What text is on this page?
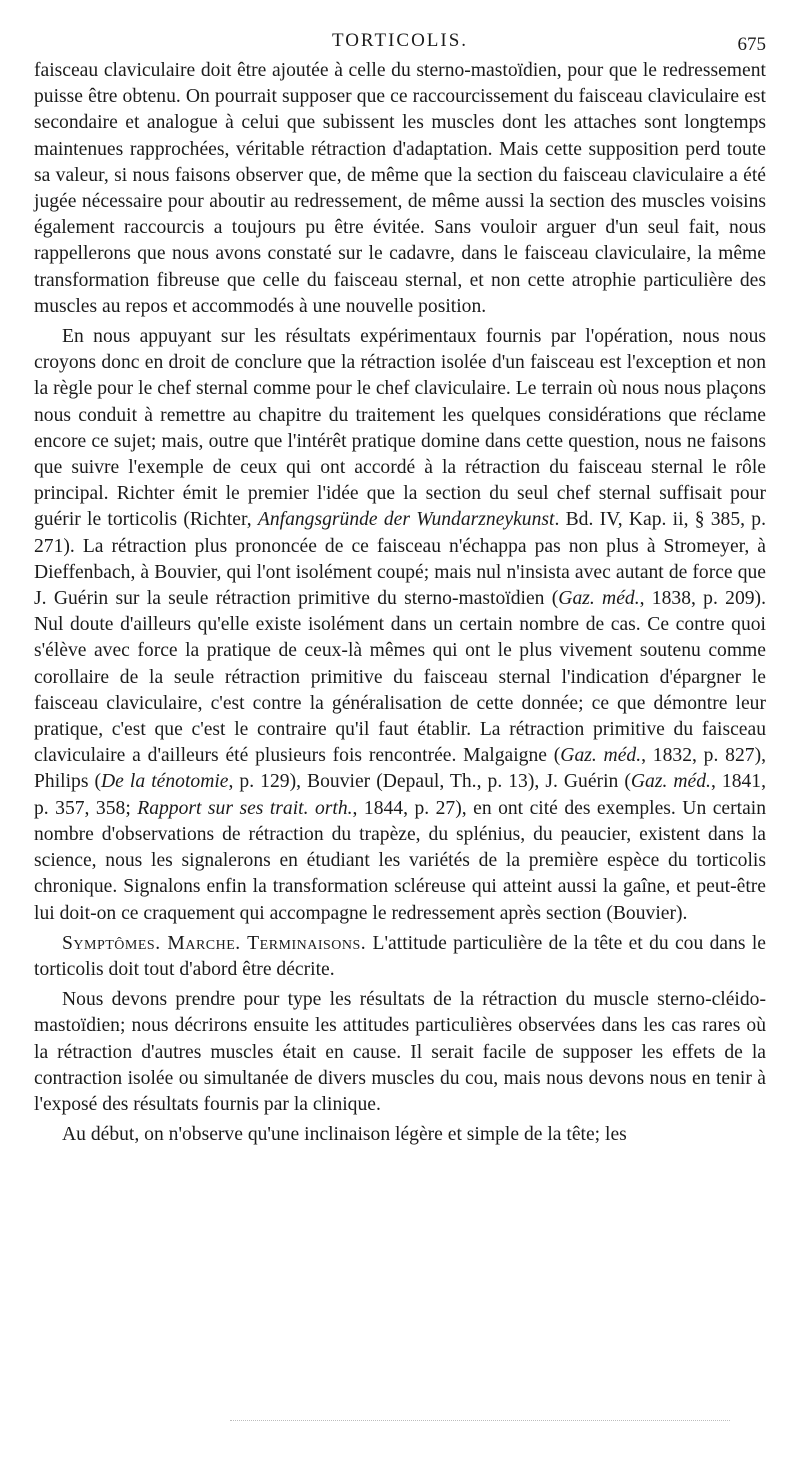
TORTICOLIS.	675

faisceau claviculaire doit être ajoutée à celle du sterno-mastoïdien, pour que le redressement puisse être obtenu. On pourrait supposer que ce raccourcissement du faisceau claviculaire est secondaire et analogue à celui que subissent les muscles dont les attaches sont longtemps maintenues rapprochées, véritable rétraction d'adaptation. Mais cette supposition perd toute sa valeur, si nous faisons observer que, de même que la section du faisceau claviculaire a été jugée nécessaire pour aboutir au redressement, de même aussi la section des muscles voisins également raccourcis a toujours pu être évitée. Sans vouloir arguer d'un seul fait, nous rappellerons que nous avons constaté sur le cadavre, dans le faisceau claviculaire, la même transformation fibreuse que celle du faisceau sternal, et non cette atrophie particulière des muscles au repos et accommodés à une nouvelle position.

En nous appuyant sur les résultats expérimentaux fournis par l'opération, nous nous croyons donc en droit de conclure que la rétraction isolée d'un faisceau est l'exception et non la règle pour le chef sternal comme pour le chef claviculaire. Le terrain où nous nous plaçons nous conduit à remettre au chapitre du traitement les quelques considérations que réclame encore ce sujet; mais, outre que l'intérêt pratique domine dans cette question, nous ne faisons que suivre l'exemple de ceux qui ont accordé à la rétraction du faisceau sternal le rôle principal. Richter émit le premier l'idée que la section du seul chef sternal suffisait pour guérir le torticolis (Richter, Anfangsgründe der Wundarzneykunst. Bd. IV, Kap. ii, § 385, p. 271). La rétraction plus prononcée de ce faisceau n'échappa pas non plus à Stromeyer, à Dieffenbach, à Bouvier, qui l'ont isolément coupé; mais nul n'insista avec autant de force que J. Guérin sur la seule rétraction primitive du sterno-mastoïdien (Gaz. méd., 1838, p. 209). Nul doute d'ailleurs qu'elle existe isolément dans un certain nombre de cas. Ce contre quoi s'élève avec force la pratique de ceux-là mêmes qui ont le plus vivement soutenu comme corollaire de la seule rétraction primitive du faisceau sternal l'indication d'épargner le faisceau claviculaire, c'est contre la généralisation de cette donnée; ce que démontre leur pratique, c'est que c'est le contraire qu'il faut établir. La rétraction primitive du faisceau claviculaire a d'ailleurs été plusieurs fois rencontrée. Malgaigne (Gaz. méd., 1832, p. 827), Philips (De la ténotomie, p. 129), Bouvier (Depaul, Th., p. 13), J. Guérin (Gaz. méd., 1841, p. 357, 358; Rapport sur ses trait. orth., 1844, p. 27), en ont cité des exemples. Un certain nombre d'observations de rétraction du trapèze, du splénius, du peaucier, existent dans la science, nous les signalerons en étudiant les variétés de la première espèce du torticolis chronique. Signalons enfin la transformation scléreuse qui atteint aussi la gaîne, et peut-être lui doit-on ce craquement qui accompagne le redressement après section (Bouvier).

Symptômes. Marche. Terminaisons. L'attitude particulière de la tête et du cou dans le torticolis doit tout d'abord être décrite.

Nous devons prendre pour type les résultats de la rétraction du muscle sterno-cléido-mastoïdien; nous décrirons ensuite les attitudes particulières observées dans les cas rares où la rétraction d'autres muscles était en cause. Il serait facile de supposer les effets de la contraction isolée ou simultanée de divers muscles du cou, mais nous devons nous en tenir à l'exposé des résultats fournis par la clinique.

Au début, on n'observe qu'une inclinaison légère et simple de la tête; les
